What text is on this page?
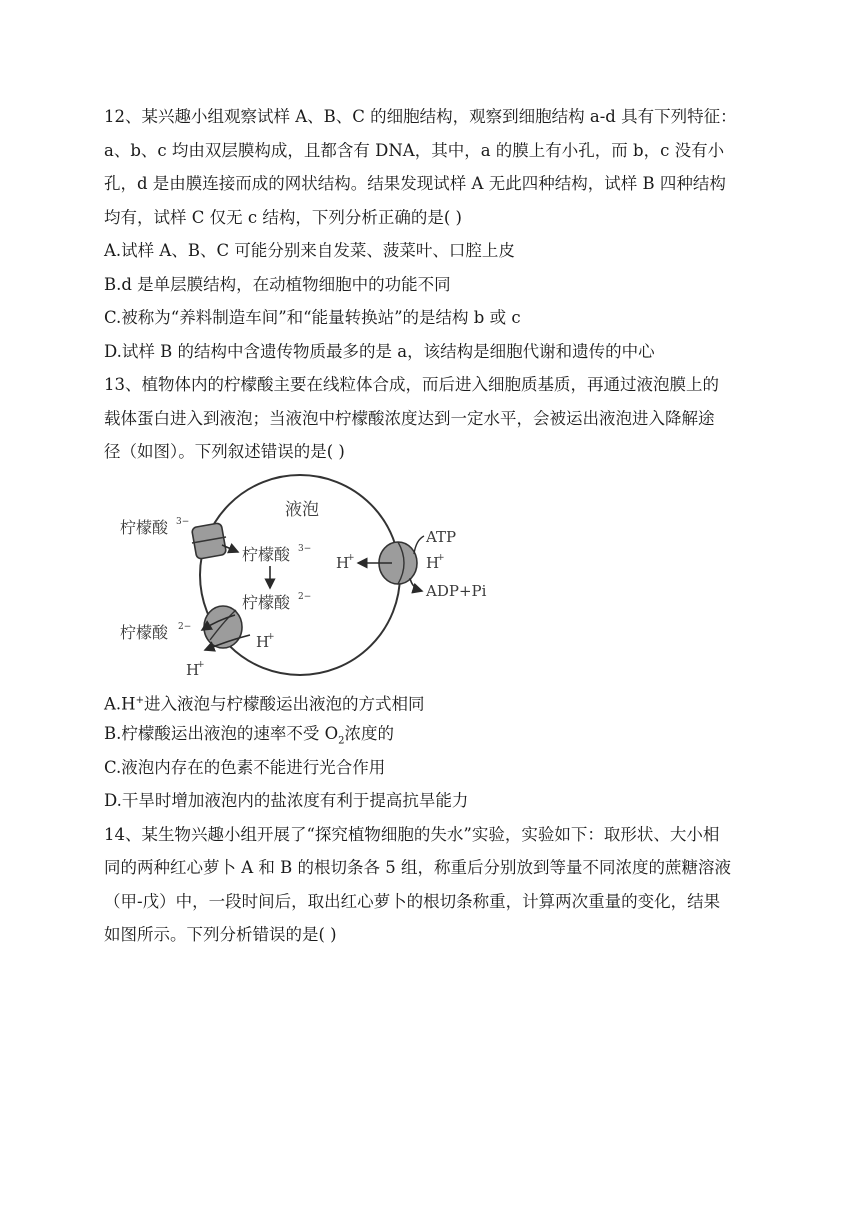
12、某兴趣小组观察试样 A、B、C 的细胞结构，观察到细胞结构 a-d 具有下列特征：
a、b、c 均由双层膜构成，且都含有 DNA，其中，a 的膜上有小孔，而 b，c 没有小
孔，d 是由膜连接而成的网状结构。结果发现试样 A 无此四种结构，试样 B 四种结构
均有，试样 C 仅无 c 结构，下列分析正确的是( )
A.试样 A、B、C 可能分别来自发菜、菠菜叶、口腔上皮
B.d 是单层膜结构，在动植物细胞中的功能不同
C.被称为“养料制造车间”和“能量转换站”的是结构 b 或 c
D.试样 B 的结构中含遗传物质最多的是 a，该结构是细胞代谢和遗传的中心
13、植物体内的柠檬酸主要在线粒体合成，而后进入细胞质基质，再通过液泡膜上的
载体蛋白进入到液泡；当液泡中柠檬酸浓度达到一定水平，会被运出液泡进入降解途
径（如图）。下列叙述错误的是( )
液泡
柠檬酸 3−
柠檬酸 3−
柠檬酸 2−
柠檬酸 2−
H
+
H
+
H
+	H
+
ATP
ADP+Pi
A.H+进入液泡与柠檬酸运出液泡的方式相同
B.柠檬酸运出液泡的速率不受 $O_2$浓度的
C.液泡内存在的色素不能进行光合作用
D.干旱时增加液泡内的盐浓度有利于提高抗旱能力
14、某生物兴趣小组开展了“探究植物细胞的失水”实验，实验如下：取形状、大小相
同的两种红心萝卜 A 和 B 的根切条各 5 组，称重后分别放到等量不同浓度的蔗糖溶液
（甲-戊）中，一段时间后，取出红心萝卜的根切条称重，计算两次重量的变化，结果
如图所示。下列分析错误的是( )
